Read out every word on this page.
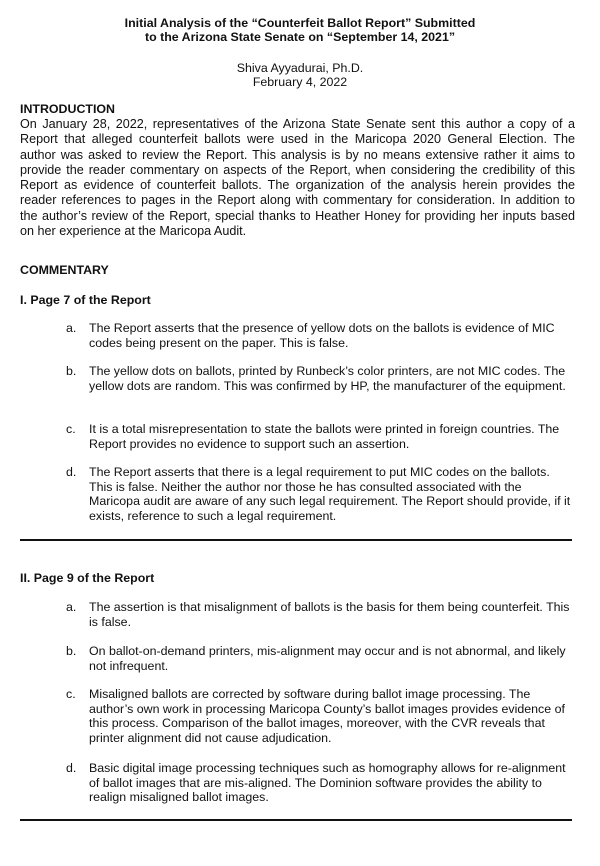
Initial Analysis of the “Counterfeit Ballot Report” Submitted
to the Arizona State Senate on “September 14, 2021”
Shiva Ayyadurai, Ph.D.
February 4, 2022
INTRODUCTION

On January 28, 2022, representatives of the Arizona State Senate sent this author a copy of a Report that alleged counterfeit ballots were used in the Maricopa 2020 General Election. The author was asked to review the Report. This analysis is by no means extensive rather it aims to provide the reader commentary on aspects of the Report, when considering the credibility of this Report as evidence of counterfeit ballots. The organization of the analysis herein provides the reader references to pages in the Report along with commentary for consideration. In addition to the author’s review of the Report, special thanks to Heather Honey for providing her inputs based on her experience at the Maricopa Audit.

COMMENTARY
I. Page 7 of the Report
a. The Report asserts that the presence of yellow dots on the ballots is evidence of MIC codes being present on the paper. This is false.
b. The yellow dots on ballots, printed by Runbeck’s color printers, are not MIC codes. The yellow dots are random. This was confirmed by HP, the manufacturer of the equipment.
c. It is a total misrepresentation to state the ballots were printed in foreign countries. The Report provides no evidence to support such an assertion.
d. The Report asserts that there is a legal requirement to put MIC codes on the ballots. This is false. Neither the author nor those he has consulted associated with the Maricopa audit are aware of any such legal requirement. The Report should provide, if it exists, reference to such a legal requirement.
II. Page 9 of the Report
a. The assertion is that misalignment of ballots is the basis for them being counterfeit. This is false.
b. On ballot-on-demand printers, mis-alignment may occur and is not abnormal, and likely not infrequent.
c. Misaligned ballots are corrected by software during ballot image processing. The author’s own work in processing Maricopa County’s ballot images provides evidence of this process. Comparison of the ballot images, moreover, with the CVR reveals that printer alignment did not cause adjudication.
d. Basic digital image processing techniques such as homography allows for re-alignment of ballot images that are mis-aligned. The Dominion software provides the ability to realign misaligned ballot images.
